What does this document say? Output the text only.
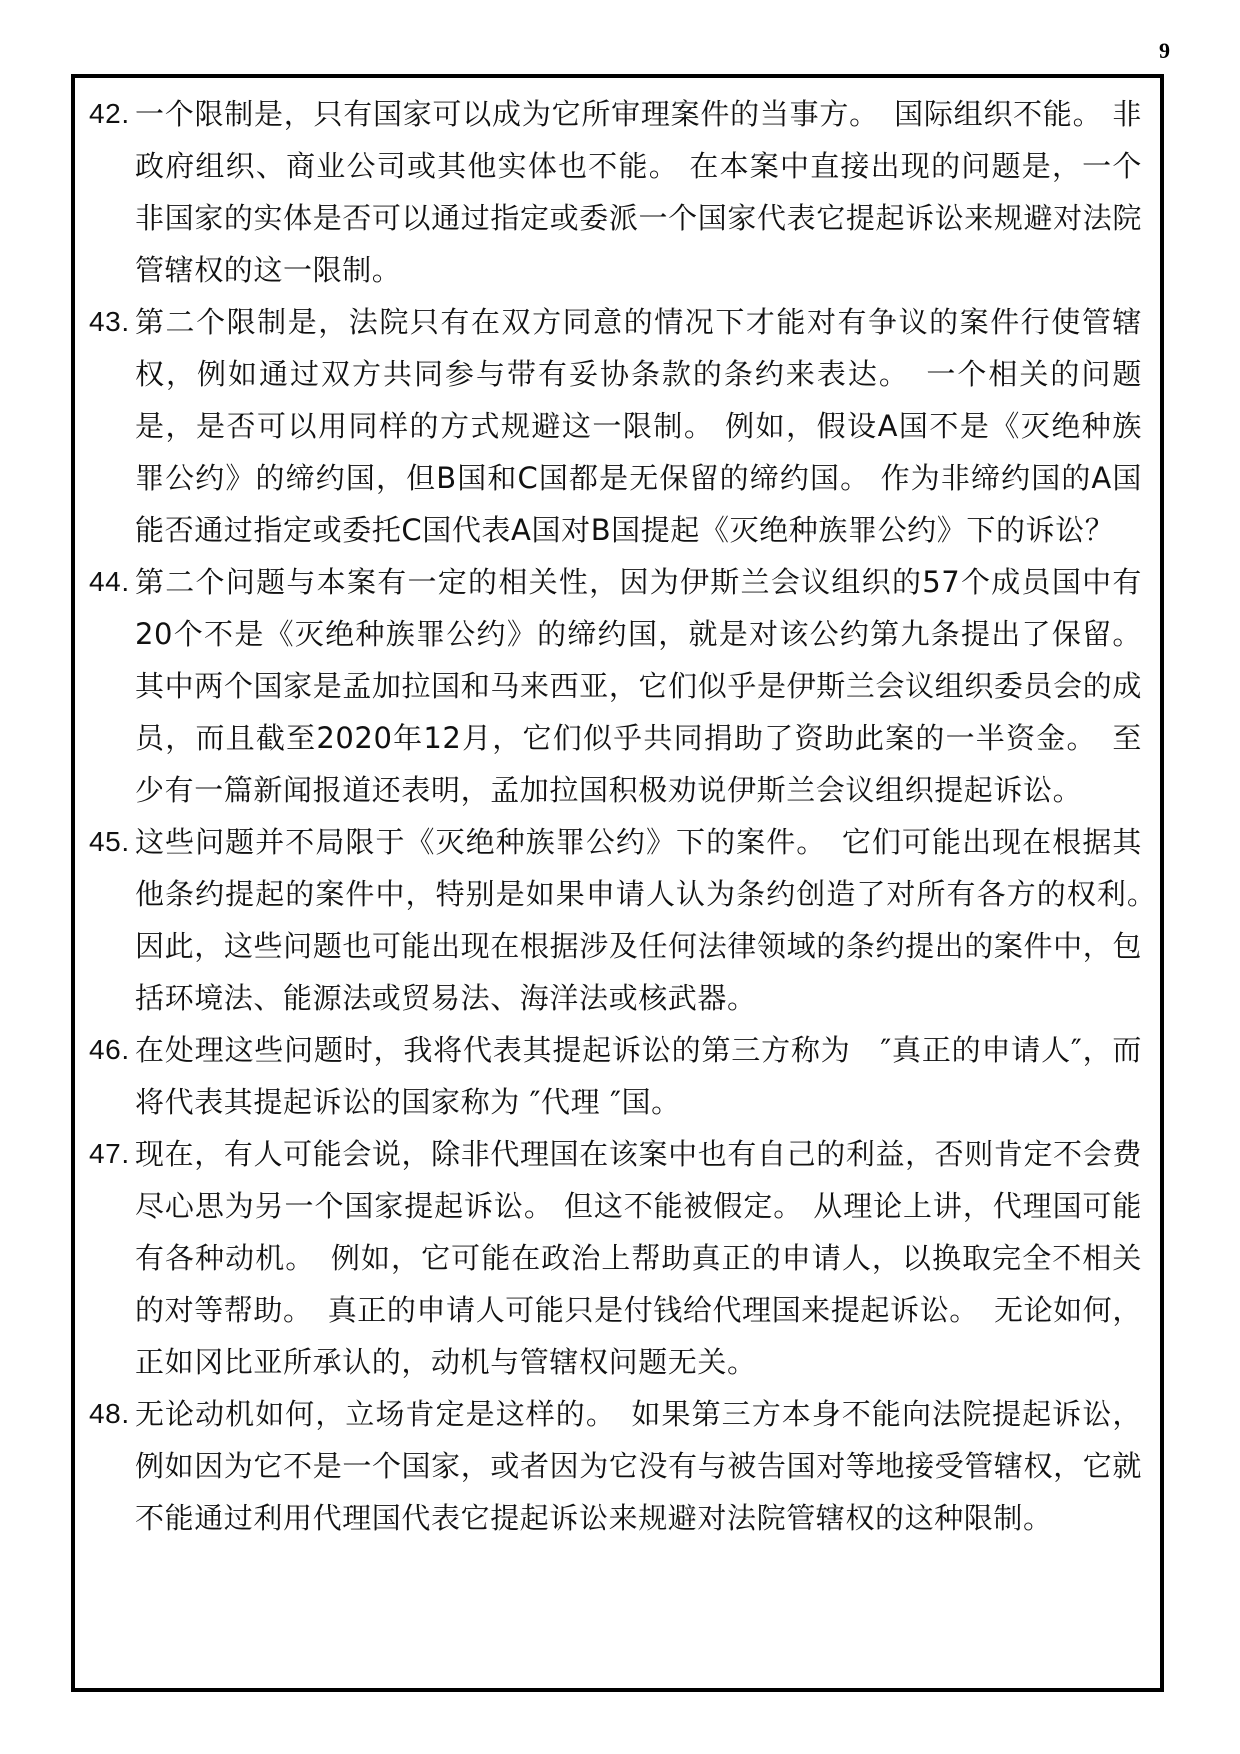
9
42. 一个限制是，只有国家可以成为它所审理案件的当事方。　国际组织不能。 非政府组织、商业公司或其他实体也不能。 在本案中直接出现的问题是，一个非国家的实体是否可以通过指定或委派一个国家代表它提起诉讼来规避对法院管辖权的这一限制。
43. 第二个限制是，法院只有在双方同意的情况下才能对有争议的案件行使管辖权，例如通过双方共同参与带有妥协条款的条约来表达。　一个相关的问题是，是否可以用同样的方式规避这一限制。 例如，假设A国不是《灭绝种族罪公约》的缔约国，但B国和C国都是无保留的缔约国。 作为非缔约国的A国能否通过指定或委托C国代表A国对B国提起《灭绝种族罪公约》下的诉讼？
44. 第二个问题与本案有一定的相关性，因为伊斯兰会议组织的57个成员国中有20个不是《灭绝种族罪公约》的缔约国，就是对该公约第九条提出了保留。其中两个国家是孟加拉国和马来西亚，它们似乎是伊斯兰会议组织委员会的成员，而且截至2020年12月，它们似乎共同捐助了资助此案的一半资金。　至少有一篇新闻报道还表明，孟加拉国积极劝说伊斯兰会议组织提起诉讼。
45. 这些问题并不局限于《灭绝种族罪公约》下的案件。　它们可能出现在根据其他条约提起的案件中，特别是如果申请人认为条约创造了对所有各方的权利。　因此，这些问题也可能出现在根据涉及任何法律领域的条约提出的案件中，包括环境法、能源法或贸易法、海洋法或核武器。
46. 在处理这些问题时，我将代表其提起诉讼的第三方称为　″真正的申请人″，而将代表其提起诉讼的国家称为 ″代理 ″国。
47. 现在，有人可能会说，除非代理国在该案中也有自己的利益，否则肯定不会费尽心思为另一个国家提起诉讼。 但这不能被假定。 从理论上讲，代理国可能有各种动机。　例如，它可能在政治上帮助真正的申请人，以换取完全不相关的对等帮助。　真正的申请人可能只是付钱给代理国来提起诉讼。　无论如何，正如冈比亚所承认的，动机与管辖权问题无关。
48. 无论动机如何，立场肯定是这样的。　如果第三方本身不能向法院提起诉讼，例如因为它不是一个国家，或者因为它没有与被告国对等地接受管辖权，它就不能通过利用代理国代表它提起诉讼来规避对法院管辖权的这种限制。
